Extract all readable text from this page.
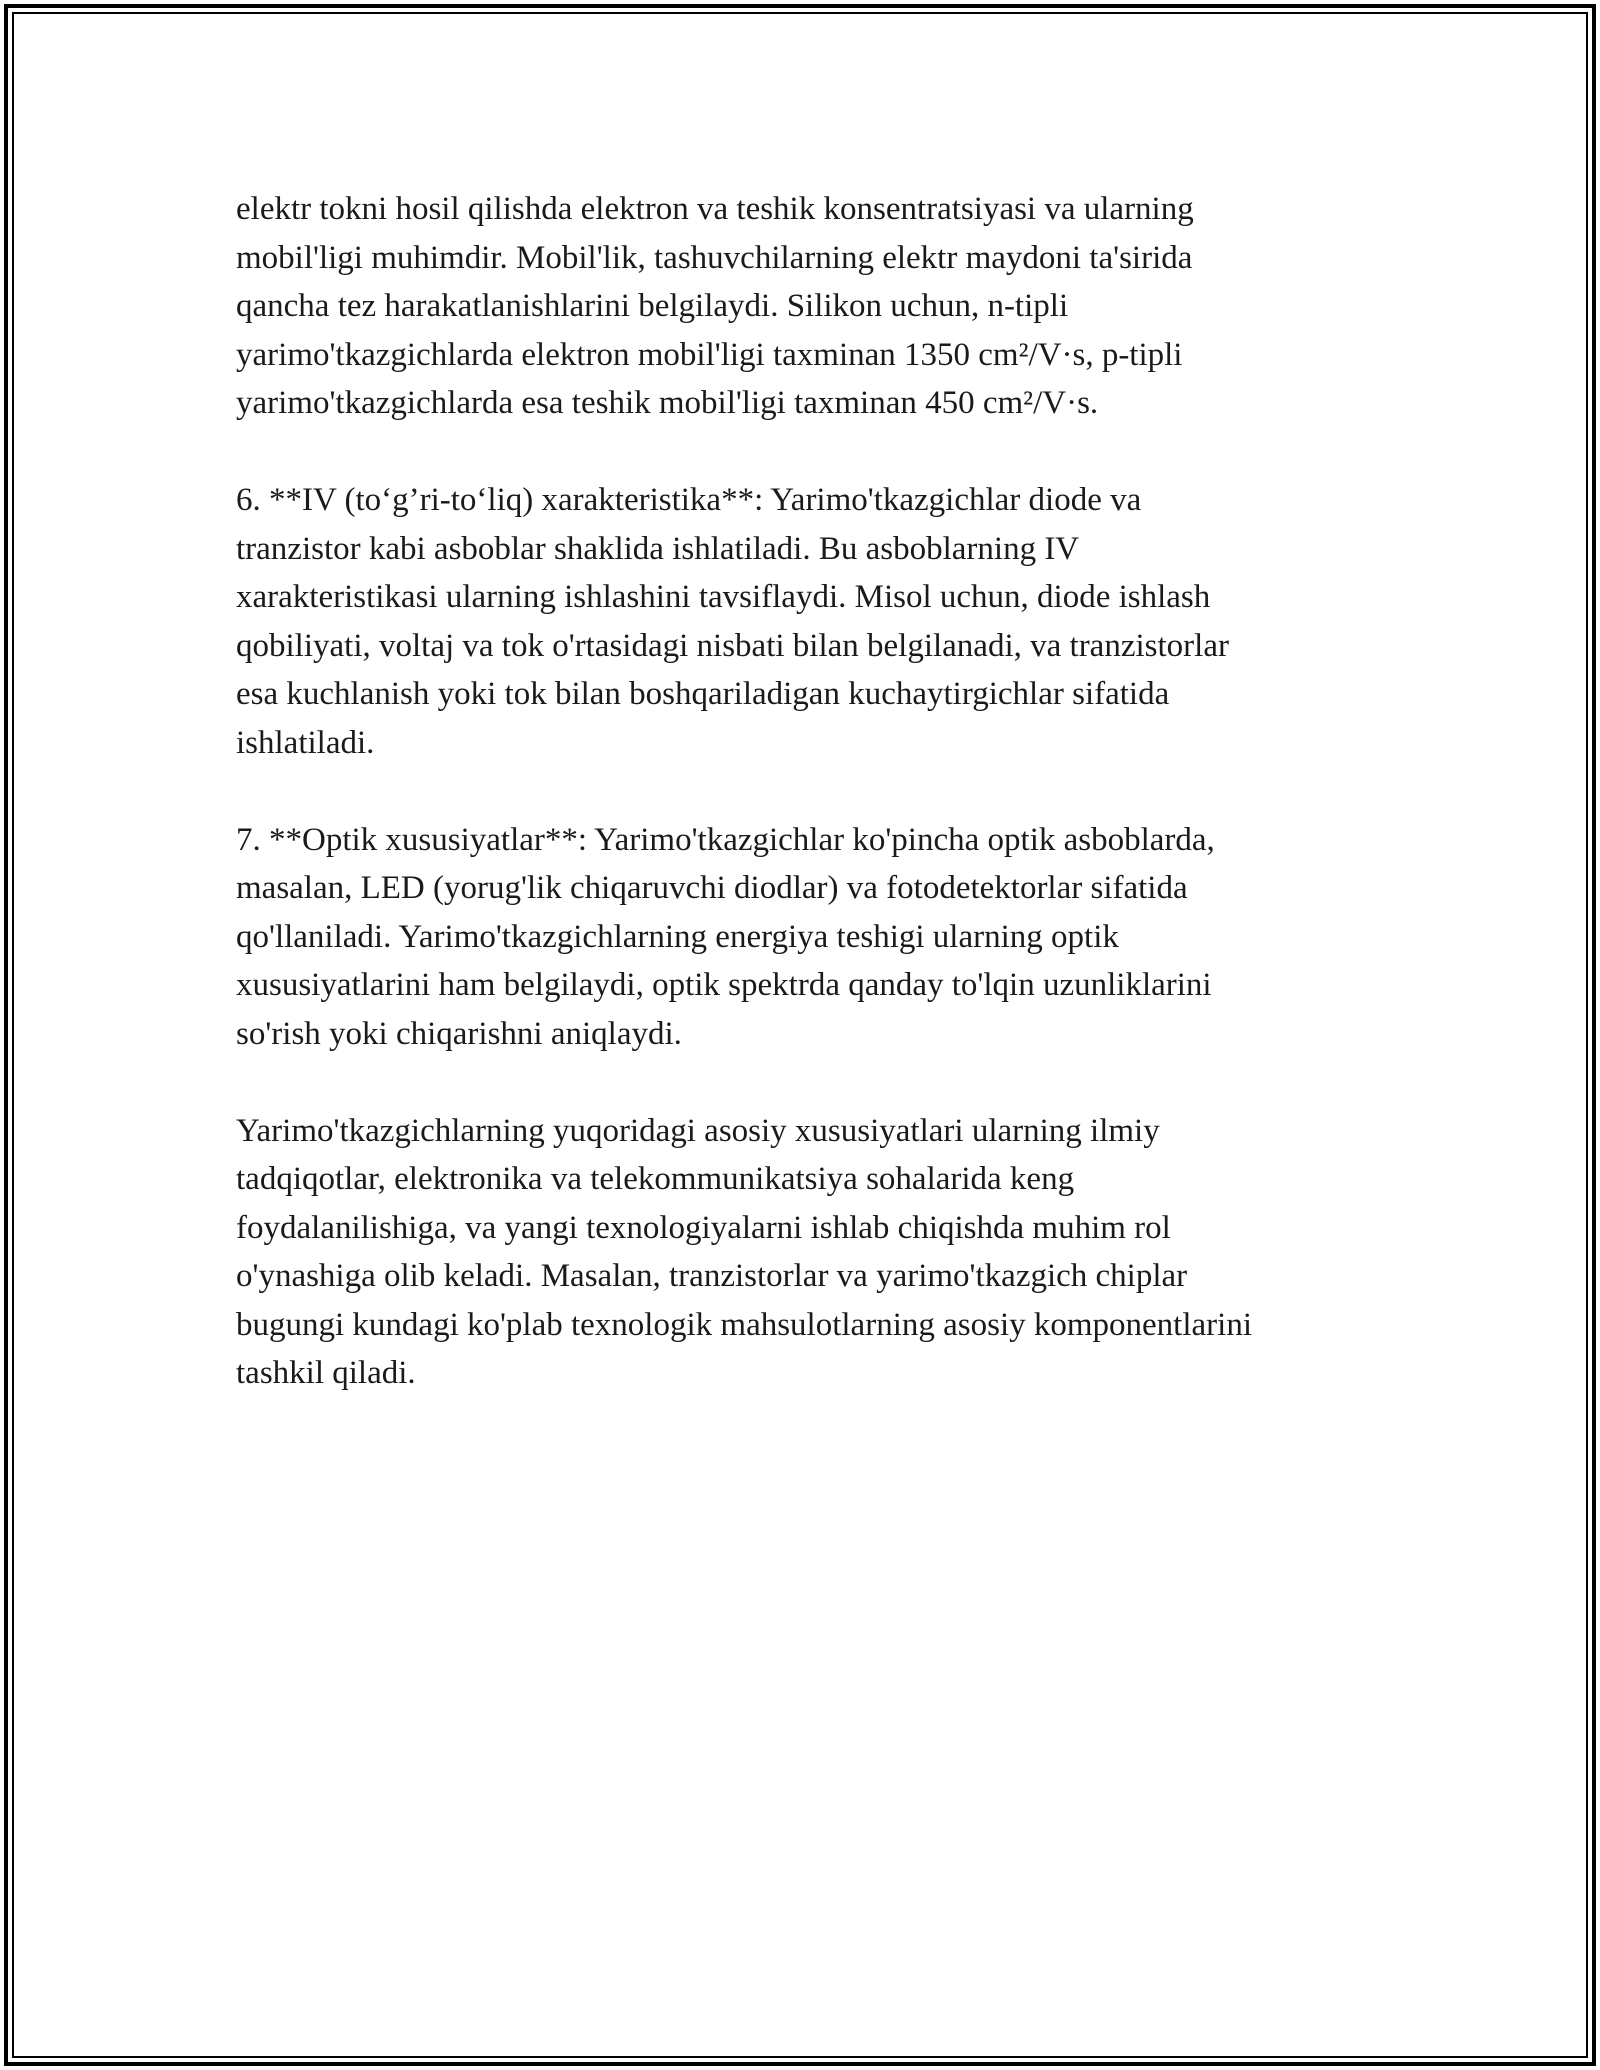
elektr tokni hosil qilishda elektron va teshik konsentratsiyasi va ularning
mobil'ligi muhimdir. Mobil'lik, tashuvchilarning elektr maydoni ta'sirida
qancha tez harakatlanishlarini belgilaydi. Silikon uchun, n-tipli
yarimo'tkazgichlarda elektron mobil'ligi taxminan 1350 cm²/V·s, p-tipli
yarimo'tkazgichlarda esa teshik mobil'ligi taxminan 450 cm²/V·s.

6. **IV (to‘g’ri-to‘liq) xarakteristika**: Yarimo'tkazgichlar diode va
tranzistor kabi asboblar shaklida ishlatiladi. Bu asboblarning IV
xarakteristikasi ularning ishlashini tavsiflaydi. Misol uchun, diode ishlash
qobiliyati, voltaj va tok o'rtasidagi nisbati bilan belgilanadi, va tranzistorlar
esa kuchlanish yoki tok bilan boshqariladigan kuchaytirgichlar sifatida
ishlatiladi.

7. **Optik xususiyatlar**: Yarimo'tkazgichlar ko'pincha optik asboblarda,
masalan, LED (yorug'lik chiqaruvchi diodlar) va fotodetektorlar sifatida
qo'llaniladi. Yarimo'tkazgichlarning energiya teshigi ularning optik
xususiyatlarini ham belgilaydi, optik spektrda qanday to'lqin uzunliklarini
so'rish yoki chiqarishni aniqlaydi.

Yarimo'tkazgichlarning yuqoridagi asosiy xususiyatlari ularning ilmiy
tadqiqotlar, elektronika va telekommunikatsiya sohalarida keng
foydalanilishiga, va yangi texnologiyalarni ishlab chiqishda muhim rol
o'ynashiga olib keladi. Masalan, tranzistorlar va yarimo'tkazgich chiplar
bugungi kundagi ko'plab texnologik mahsulotlarning asosiy komponentlarini
tashkil qiladi.
